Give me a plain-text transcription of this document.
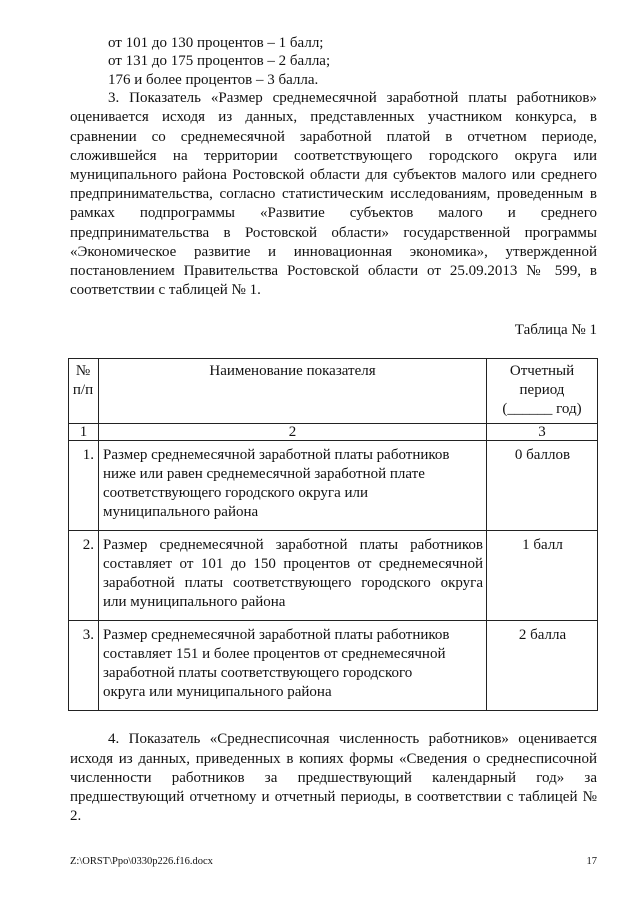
от 101 до 130 процентов – 1 балл;
от 131 до 175 процентов – 2 балла;
176 и более процентов – 3 балла.

3. Показатель «Размер среднемесячной заработной платы работников» оценивается исходя из данных, представленных участником конкурса, в сравнении со среднемесячной заработной платой в отчетном периоде, сложившейся на территории соответствующего городского округа или муниципального района Ростовской области для субъектов малого или среднего предпринимательства, согласно статистическим исследованиям, проведенным в рамках подпрограммы «Развитие субъектов малого и среднего предпринимательства в Ростовской области» государственной программы «Экономическое развитие и инновационная экономика», утвержденной постановлением Правительства Ростовской области от 25.09.2013 № 599, в соответствии с таблицей № 1.

Таблица № 1
№ п/п	Наименование показателя	Отчетный
период
(______ год)
1	2	3
1.	Размер среднемесячной заработной платы работников ниже или равен среднемесячной заработной плате соответствующего городского округа или муниципального района	0 баллов
2.	Размер среднемесячной заработной платы работников составляет от 101 до 150 процентов от среднемесячной заработной платы соответствующего городского округа или муниципального района	1 балл
3.	Размер среднемесячной заработной платы работников составляет 151 и более процентов от среднемесячной заработной платы соответствующего городского округа или муниципального района	2 балла

4. Показатель «Среднесписочная численность работников» оценивается исходя из данных, приведенных в копиях формы «Сведения о среднесписочной численности работников за предшествующий календарный год» за предшествующий отчетному и отчетный периоды, в соответствии с таблицей № 2.

Z:\ORST\Ppo\0330p226.f16.docx	17
